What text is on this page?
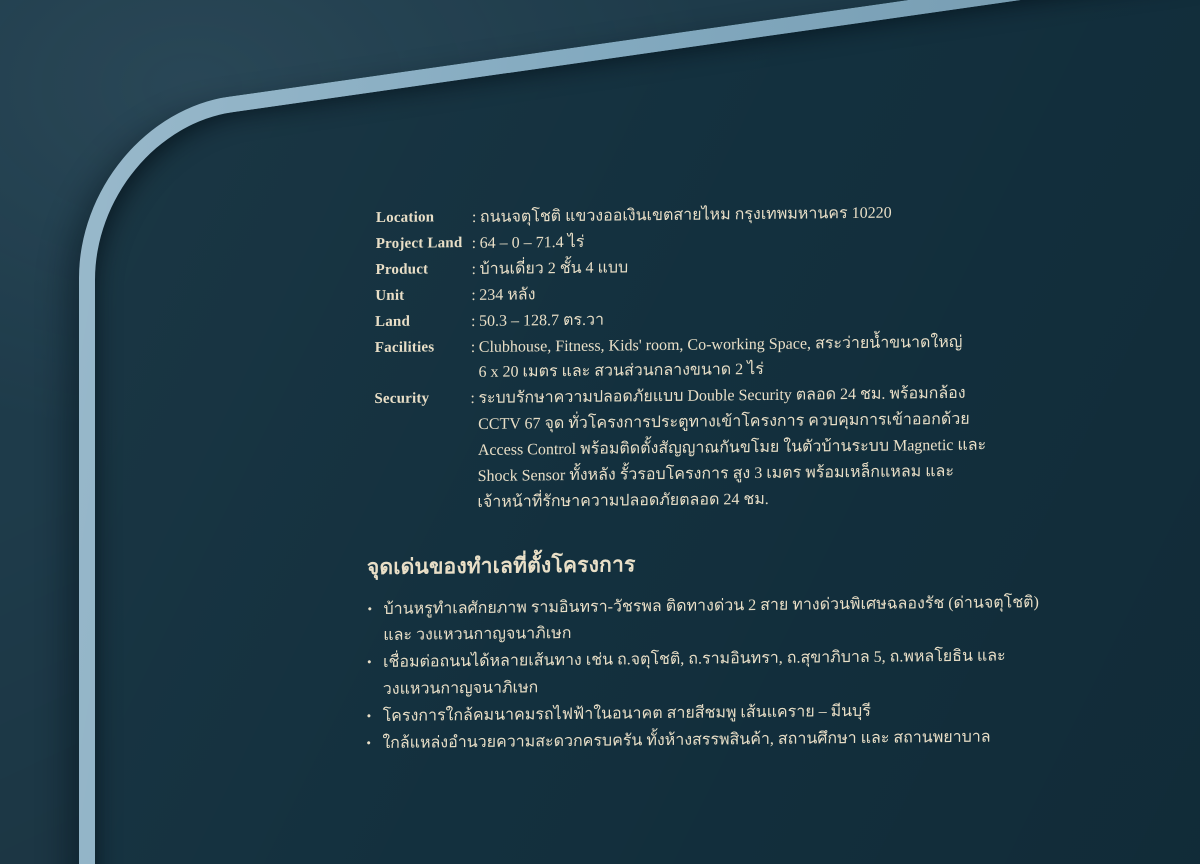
Location	: ถนนจตุโชติ แขวงออเงินเขตสายไหม กรุงเทพมหานคร 10220
Project Land : 64 – 0 – 71.4 ไร่
Product	: บ้านเดี่ยว 2 ชั้น 4 แบบ
Unit	: 234 หลัง
Land	: 50.3 – 128.7 ตร.วา
Facilities	: Clubhouse, Fitness, Kids' room, Co-working Space, สระว่ายน้ำขนาดใหญ่
6 x 20 เมตร และ สวนส่วนกลางขนาด 2 ไร่
Security	: ระบบรักษาความปลอดภัยแบบ Double Security ตลอด 24 ชม. พร้อมกล้อง
CCTV 67 จุด ทั่วโครงการประตูทางเข้าโครงการ ควบคุมการเข้าออกด้วย
Access Control พร้อมติดตั้งสัญญาณกันขโมย ในตัวบ้านระบบ Magnetic และ
Shock Sensor ทั้งหลัง รั้วรอบโครงการ สูง 3 เมตร พร้อมเหล็กแหลม และ
เจ้าหน้าที่รักษาความปลอดภัยตลอด 24 ชม.
จุดเด่นของทำเลที่ตั้งโครงการ
• บ้านหรูทำเลศักยภาพ รามอินทรา-วัชรพล ติดทางด่วน 2 สาย ทางด่วนพิเศษฉลองรัช (ด่านจตุโชติ)
และ วงแหวนกาญจนาภิเษก
• เชื่อมต่อถนนได้หลายเส้นทาง เช่น ถ.จตุโชติ, ถ.รามอินทรา, ถ.สุขาภิบาล 5, ถ.พหลโยธิน และ
วงแหวนกาญจนาภิเษก
• โครงการใกล้คมนาคมรถไฟฟ้าในอนาคต สายสีชมพู เส้นแคราย – มีนบุรี
• ใกล้แหล่งอำนวยความสะดวกครบครัน ทั้งห้างสรรพสินค้า, สถานศึกษา และ สถานพยาบาล
